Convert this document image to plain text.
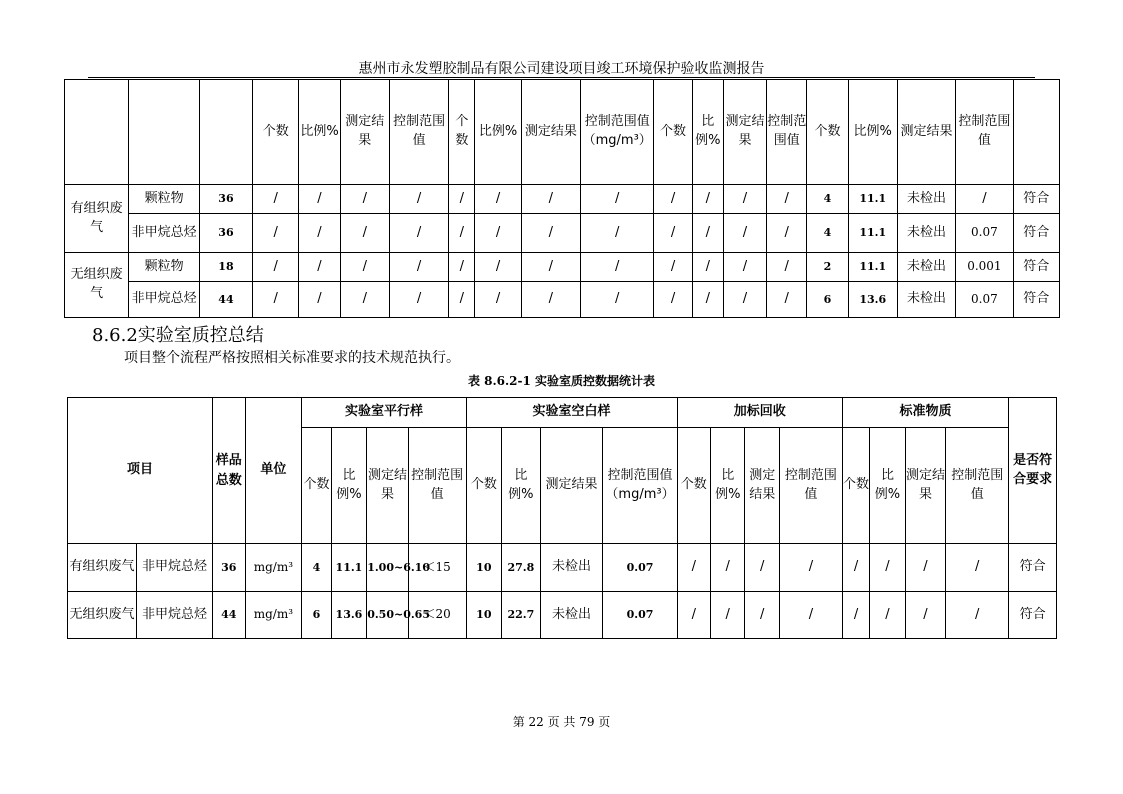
惠州市永发塑胶制品有限公司建设项目竣工环境保护验收监测报告
			个数	比例%	测定结果	控制范围值	个数	比例%	测定结果	控制范围值（mg/m³）	个数	比例%	测定结果	控制范围值	个数	比例%	测定结果	控制范围值	
有组织废气	颗粒物	36	/	/	/	/	/	/	/	/	/	/	/	/	4	11.1	未检出	/	符合
	非甲烷总烃	36	/	/	/	/	/	/	/	/	/	/	/	/	4	11.1	未检出	0.07	符合
无组织废气	颗粒物	18	/	/	/	/	/	/	/	/	/	/	/	/	2	11.1	未检出	0.001	符合
	非甲烷总烃	44	/	/	/	/	/	/	/	/	/	/	/	/	6	13.6	未检出	0.07	符合
8.6.2实验室质控总结
项目整个流程严格按照相关标准要求的技术规范执行。
表 8.6.2-1 实验室质控数据统计表
项目		样品总数	单位	实验室平行样				实验室空白样				加标回收				标准物质				是否符合要求
				个数	比例%	测定结果	控制范围值	个数	比例%	测定结果	控制范围值（mg/m³）	个数	比例%	测定结果	控制范围值	个数	比例%	测定结果	控制范围值	
有组织废气	非甲烷总烃	36	mg/m³	4	11.1	1.00~6.10	＜15	10	27.8	未检出	0.07	/	/	/	/	/	/	/	/	符合
无组织废气	非甲烷总烃	44	mg/m³	6	13.6	0.50~0.65	＜20	10	22.7	未检出	0.07	/	/	/	/	/	/	/	/	符合
第 22 页 共 79 页
